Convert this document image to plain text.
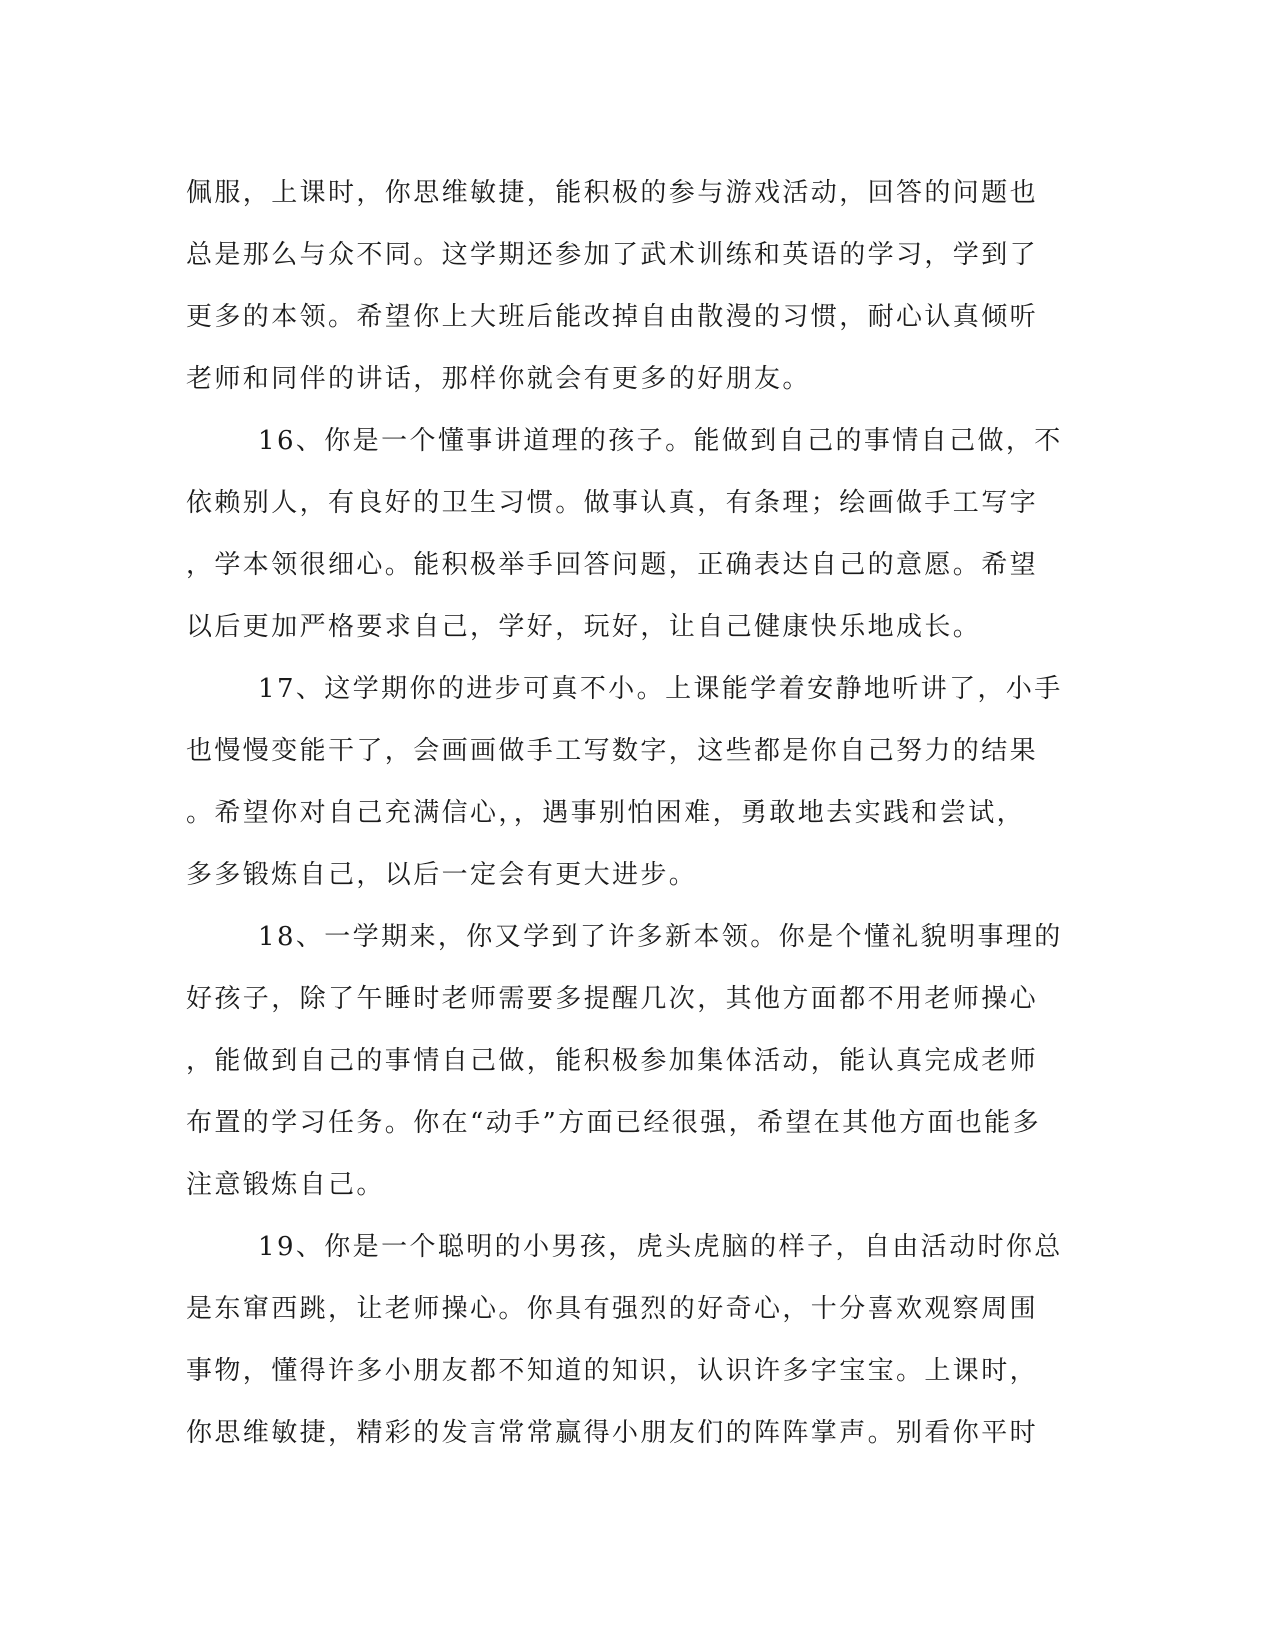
佩服，上课时，你思维敏捷，能积极的参与游戏活动，回答的问题也
总是那么与众不同。这学期还参加了武术训练和英语的学习，学到了
更多的本领。希望你上大班后能改掉自由散漫的习惯，耐心认真倾听
老师和同伴的讲话，那样你就会有更多的好朋友。
16、你是一个懂事讲道理的孩子。能做到自己的事情自己做，不
依赖别人，有良好的卫生习惯。做事认真，有条理；绘画做手工写字
，学本领很细心。能积极举手回答问题，正确表达自己的意愿。希望
以后更加严格要求自己，学好，玩好，让自己健康快乐地成长。
17、这学期你的进步可真不小。上课能学着安静地听讲了，小手
也慢慢变能干了，会画画做手工写数字，这些都是你自己努力的结果
。希望你对自己充满信心，，遇事别怕困难，勇敢地去实践和尝试，
多多锻炼自己，以后一定会有更大进步。
18、一学期来，你又学到了许多新本领。你是个懂礼貌明事理的
好孩子，除了午睡时老师需要多提醒几次，其他方面都不用老师操心
，能做到自己的事情自己做，能积极参加集体活动，能认真完成老师
布置的学习任务。你在“动手”方面已经很强，希望在其他方面也能多
注意锻炼自己。
19、你是一个聪明的小男孩，虎头虎脑的样子，自由活动时你总
是东窜西跳，让老师操心。你具有强烈的好奇心，十分喜欢观察周围
事物，懂得许多小朋友都不知道的知识，认识许多字宝宝。上课时，
你思维敏捷，精彩的发言常常赢得小朋友们的阵阵掌声。别看你平时
